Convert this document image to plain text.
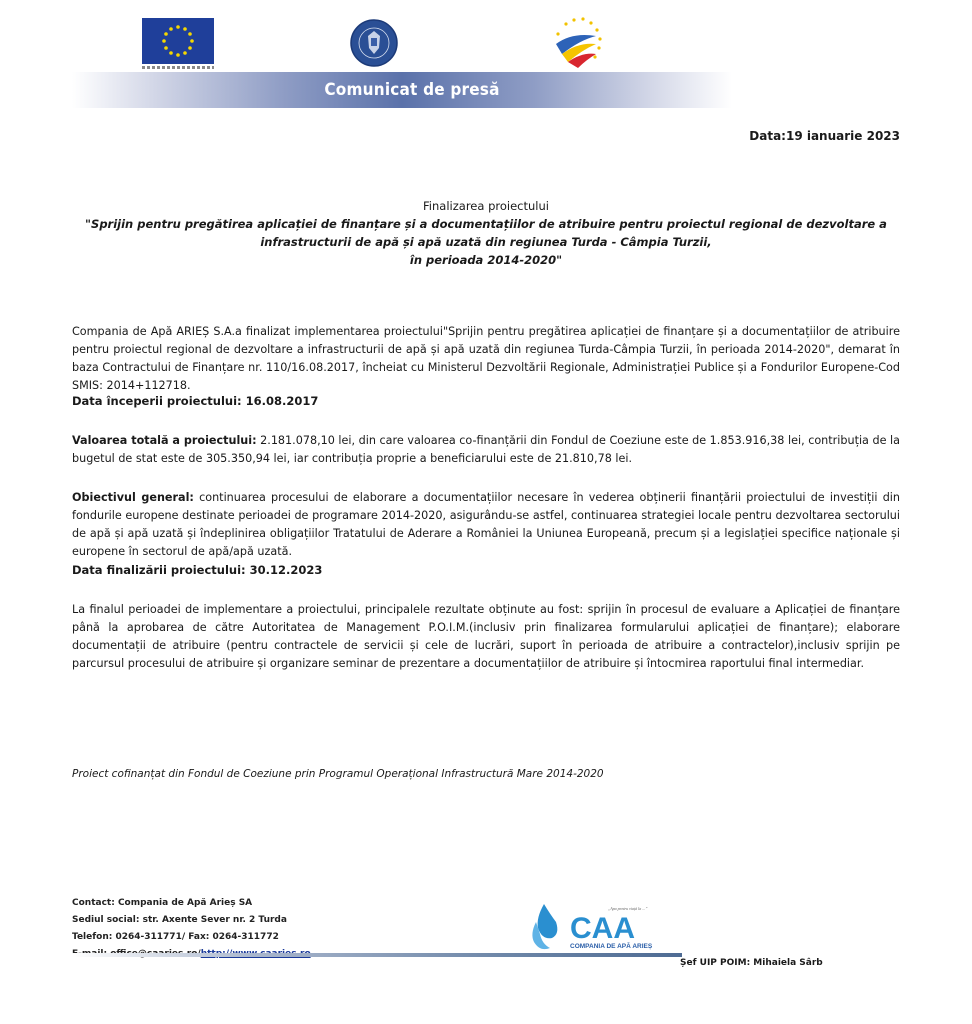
Comunicat de presă
Data:19 ianuarie 2023
Finalizarea proiectului
"Sprijin pentru pregătirea aplicației de finanțare și a documentațiilor de atribuire pentru proiectul regional de dezvoltare a infrastructurii de apă și apă uzată din regiunea Turda - Câmpia Turzii,
în perioada 2014-2020"
Compania de Apă ARIEȘ S.A.a finalizat implementarea proiectului"Sprijin pentru pregătirea aplicației de finanțare și a documentațiilor de atribuire pentru proiectul regional de dezvoltare a infrastructurii de apă și apă uzată din regiunea Turda-Câmpia Turzii, în perioada 2014-2020", demarat în baza Contractului de Finanțare nr. 110/16.08.2017, încheiat cu Ministerul Dezvoltării Regionale, Administrației Publice și a Fondurilor Europene-Cod SMIS: 2014+112718.
Data începerii proiectului: 16.08.2017
Valoarea totală a proiectului: 2.181.078,10 lei, din care valoarea co-finanțării din Fondul de Coeziune este de 1.853.916,38 lei, contribuția de la bugetul de stat este de 305.350,94 lei, iar contribuția proprie a beneficiarului este de 21.810,78 lei.
Obiectivul general: continuarea procesului de elaborare a documentațiilor necesare în vederea obținerii finanțării proiectului de investiții din fondurile europene destinate perioadei de programare 2014-2020, asigurându-se astfel, continuarea strategiei locale pentru dezvoltarea sectorului de apă și apă uzată și îndeplinirea obligațiilor Tratatului de Aderare a României la Uniunea Europeană, precum și a legislației specifice naționale și europene în sectorul de apă/apă uzată.
Data finalizării proiectului: 30.12.2023
La finalul perioadei de implementare a proiectului, principalele rezultate obținute au fost: sprijin în procesul de evaluare a Aplicației de finanțare până la aprobarea de către Autoritatea de Management P.O.I.M.(inclusiv prin finalizarea formularului aplicației de finanțare); elaborare documentații de atribuire (pentru contractele de servicii și cele de lucrări, suport în perioada de atribuire a contractelor),inclusiv sprijin pe parcursul procesului de atribuire și organizare seminar de prezentare a documentațiilor de atribuire și întocmirea raportului final intermediar.
Proiect cofinanțat din Fondul de Coeziune prin Programul Operațional Infrastructură Mare 2014-2020
Contact: Compania de Apă Arieș SA
Sediul social: str. Axente Sever nr. 2 Turda
Telefon: 0264-311771/ Fax: 0264-311772	CAA
COMPANIA DE APĂ ARIEȘ
„Apa pentru viață la ...”
Șef UIP POIM: Mihaiela Sârb
